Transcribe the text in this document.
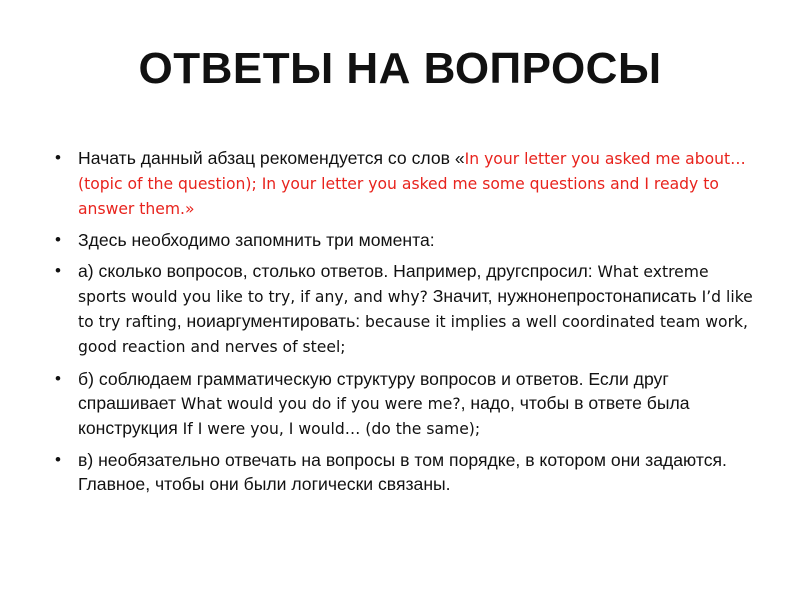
ОТВЕТЫ НА ВОПРОСЫ
• Начать данный абзац рекомендуется со слов «In your letter you asked me about…(topic of the question); In your letter you asked me some questions and I ready to answer them.»
• Здесь необходимо запомнить три момента:
• а) сколько вопросов, столько ответов. Например, другспросил: What extreme sports would you like to try, if any, and why? Значит, нужнонепростонаписать I’d like to try rafting, ноиаргументировать: because it implies a well coordinated team work, good reaction and nerves of steel;
• б) соблюдаем грамматическую структуру вопросов и ответов. Если друг спрашивает What would you do if you were me?, надо, чтобы в ответе была конструкция If I were you, I would… (do the same);
• в) необязательно отвечать на вопросы в том порядке, в котором они задаются. Главное, чтобы они были логически связаны.
